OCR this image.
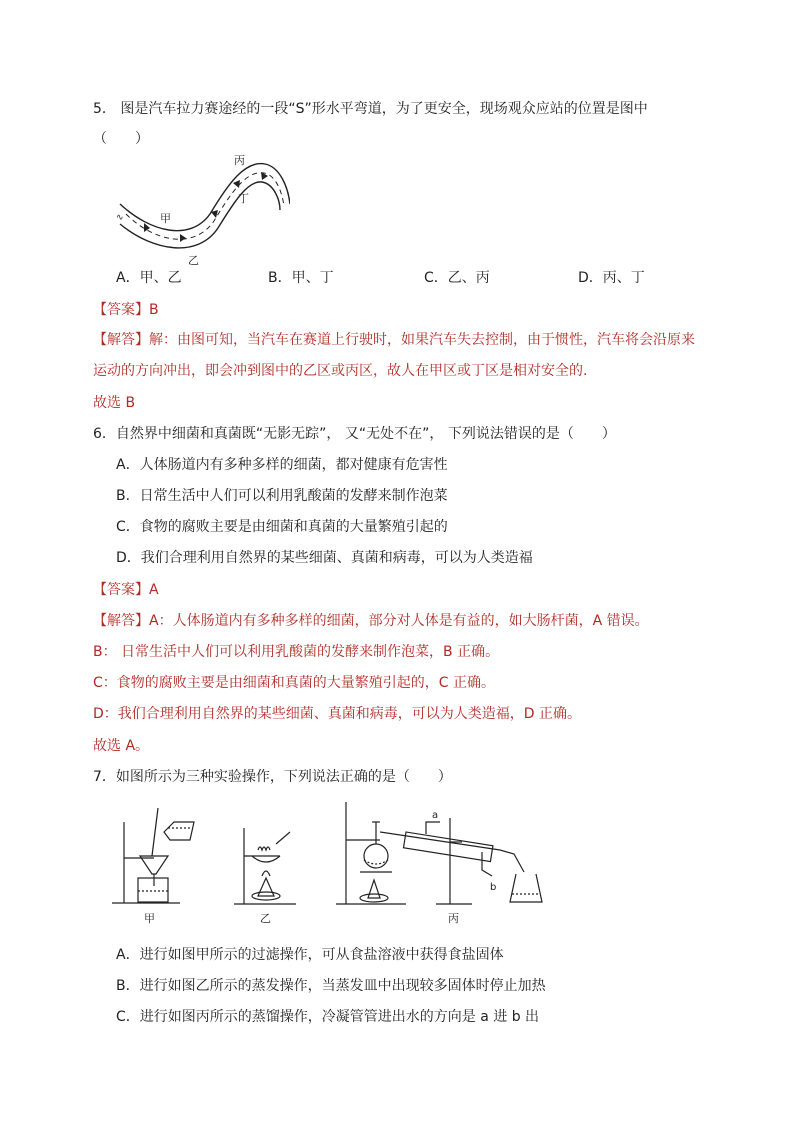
5． 图是汽车拉力赛途经的一段“S”形水平弯道，为了更安全，现场观众应站的位置是图中
（　　）
甲
乙
丙
丁
∿
A．甲、乙	B．甲、丁	C．乙、丙	D．丙、丁
【答案】B
【解答】解：由图可知，当汽车在赛道上行驶时，如果汽车失去控制，由于惯性，汽车将会沿原来
运动的方向冲出，即会冲到图中的乙区或丙区，故人在甲区或丁区是相对安全的.
故选 B
6．自然界中细菌和真菌既“无影无踪”， 又“无处不在”， 下列说法错误的是（　　）
A．人体肠道内有多种多样的细菌，都对健康有危害性
B．日常生活中人们可以利用乳酸菌的发酵来制作泡菜
C．食物的腐败主要是由细菌和真菌的大量繁殖引起的
D．我们合理利用自然界的某些细菌、真菌和病毒，可以为人类造福
【答案】A
【解答】A：人体肠道内有多种多样的细菌，部分对人体是有益的，如大肠杆菌，A 错误。
B： 日常生活中人们可以利用乳酸菌的发酵来制作泡菜，B 正确。
C：食物的腐败主要是由细菌和真菌的大量繁殖引起的，C 正确。
D：我们合理利用自然界的某些细菌、真菌和病毒，可以为人类造福，D 正确。
故选 A。
7．如图所示为三种实验操作，下列说法正确的是（　　）
甲	乙
a
b
丙
A．进行如图甲所示的过滤操作，可从食盐溶液中获得食盐固体
B．进行如图乙所示的蒸发操作，当蒸发皿中出现较多固体时停止加热
C．进行如图丙所示的蒸馏操作，冷凝管管进出水的方向是 a 进 b 出
